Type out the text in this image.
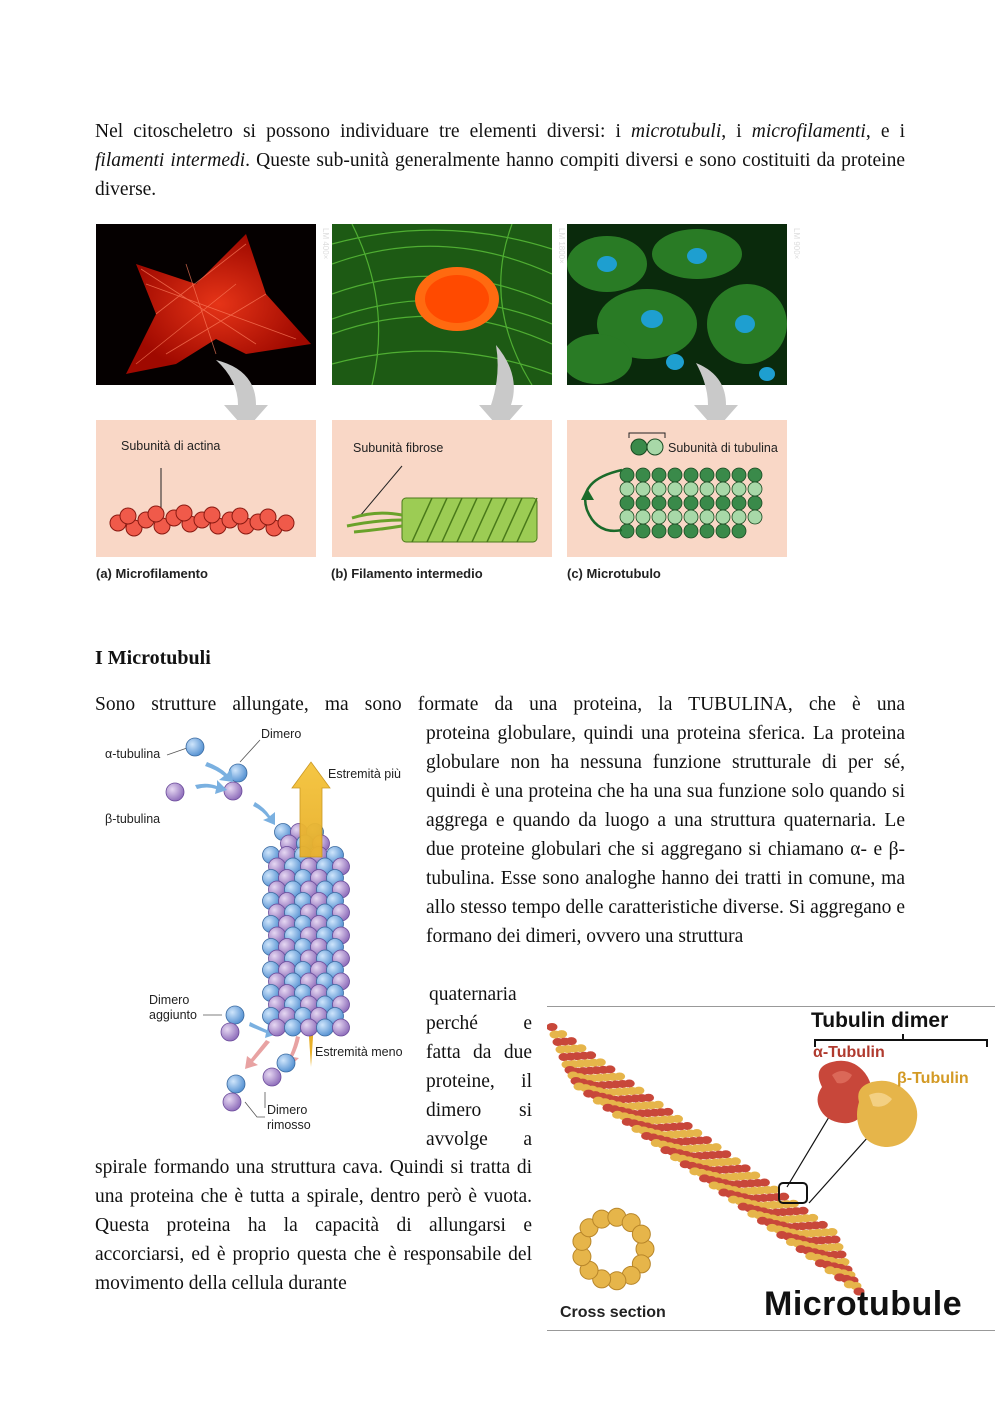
Nel citoscheletro si possono individuare tre elementi diversi: i microtubuli, i microfilamenti, e i filamenti intermedi. Queste sub-unità generalmente hanno compiti diversi e sono costituiti da proteine diverse.

LM 400×	LM 1800×	LM 900×
Subunità di actina	Subunità fibrose	Subunità di tubulina
(a) Microfilamento	(b) Filamento intermedio	(c) Microtubulo
I Microtubuli

Sono strutture allungate, ma sono formate da una proteina, la TUBULINA, che è una

proteina globulare, quindi una proteina sferica. La proteina globulare non ha nessuna funzione strutturale di per sé, quindi è una proteina che ha una sua funzione solo quando si aggrega e quando da luogo a una struttura quaternaria. Le due proteine globulari che si aggregano si chiamano α- e β-tubulina. Esse sono analoghe hanno dei tratti in comune, ma allo stesso tempo delle caratteristiche diverse. Si aggregano e formano dei dimeri, ovvero una struttura

quaternaria

perché e

fatta da due

proteine, il

dimero si

avvolge a

spirale formando una struttura cava. Quindi si tratta di una proteina che è tutta a spirale, dentro però è vuota. Questa proteina ha la capacità di allungarsi e accorciarsi, ed è proprio questa che è responsabile del movimento della cellula durante

α-tubulina
β-tubulina
Dimero
Estremità più
Dimero
aggiunto
Estremità meno
Dimero
rimosso
Tubulin dimer
α-Tubulin
β-Tubulin
Cross section	Microtubule
